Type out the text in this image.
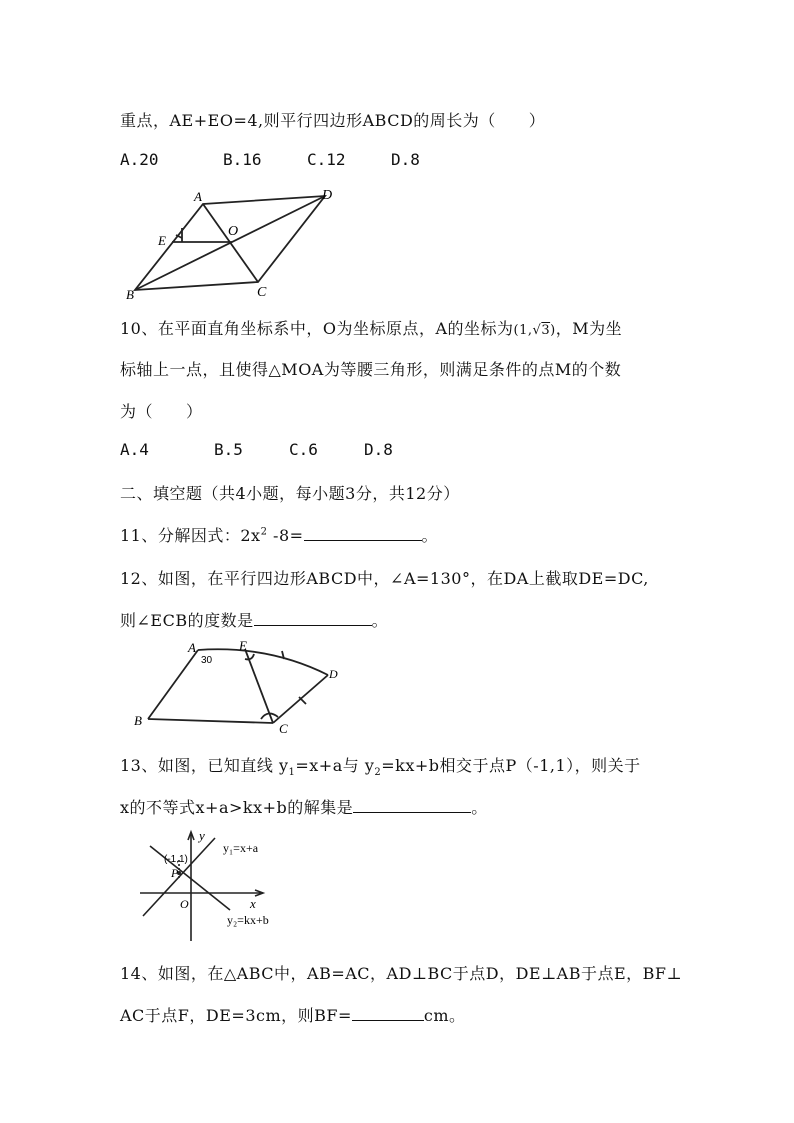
重点，AE+EO=4,则平行四边形ABCD的周长为（　　）
A.20	B.16	C.12	D.8
A	D
E
O
B	C
10、在平面直角坐标系中，O为坐标原点，A的坐标为(1,√3)，M为坐
标轴上一点，且使得△MOA为等腰三角形，则满足条件的点M的个数
为（　　）
A.4	B.5	C.6	D.8
二、填空题（共4小题，每小题3分，共12分）
11、分解因式：$2x^2$ -8=	。
12、如图，在平行四边形ABCD中，∠A=130°，在DA上截取DE=DC,
则∠ECB的度数是	。
A
30
E
D
B
C
13、如图，已知直线 $y_1=x+a$与 $y_2=kx+b$相交于点P（-1,1），则关于
x的不等式x+a>kx+b的解集是	。
y
x
O
P
(-1,1)
y₁=x+a
y₂=kx+b
14、如图，在△ABC中，AB=AC，AD⊥BC于点D，DE⊥AB于点E，BF⊥
AC于点F，DE=3cm，则BF=	cm。
